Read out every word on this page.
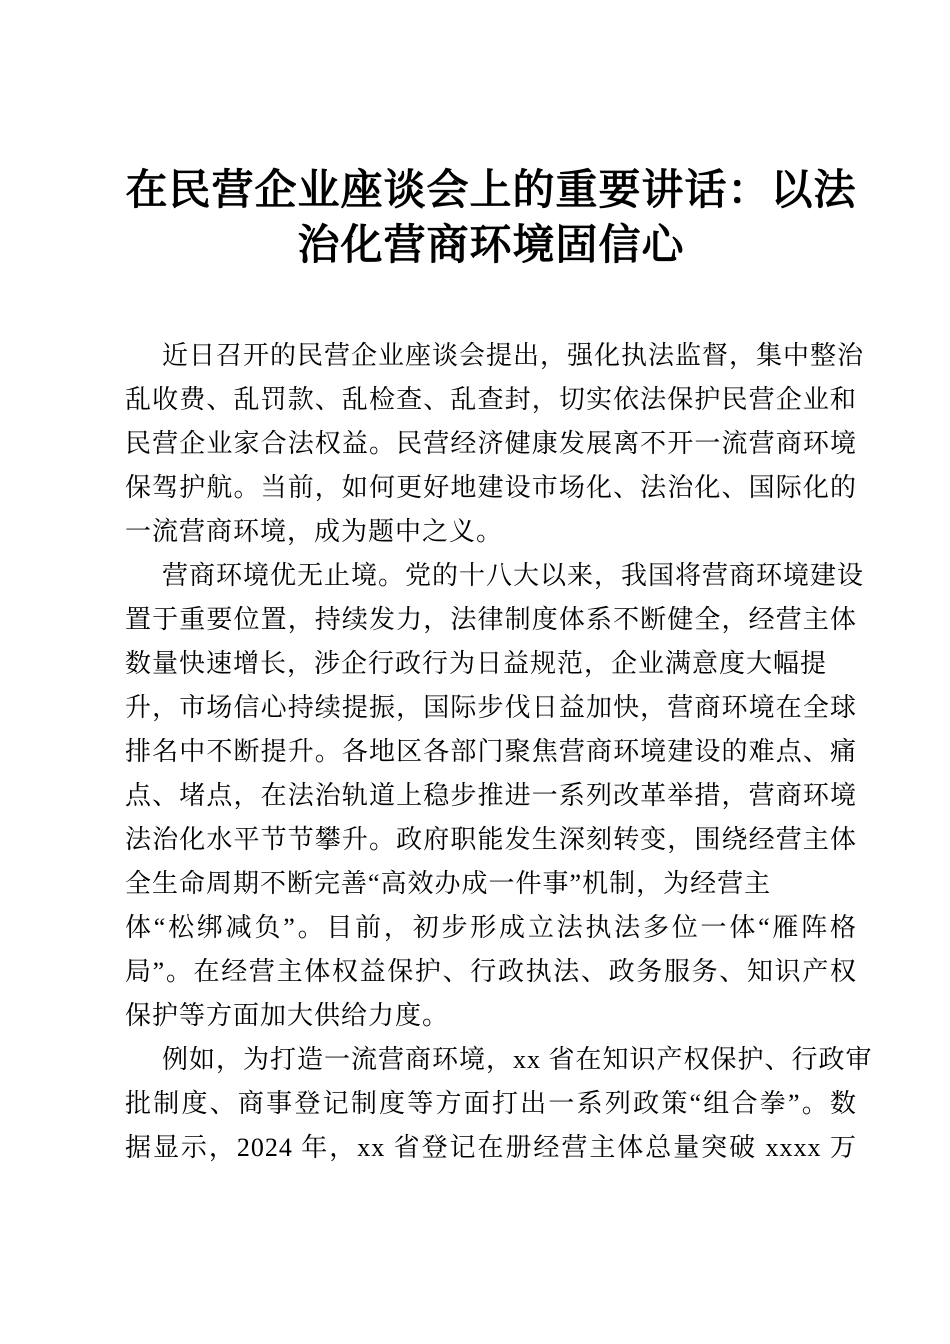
在民营企业座谈会上的重要讲话：以法
治化营商环境固信心
近日召开的民营企业座谈会提出，强化执法监督，集中整治
乱收费、乱罚款、乱检查、乱查封，切实依法保护民营企业和
民营企业家合法权益。民营经济健康发展离不开一流营商环境
保驾护航。当前，如何更好地建设市场化、法治化、国际化的
一流营商环境，成为题中之义。
营商环境优无止境。党的十八大以来，我国将营商环境建设
置于重要位置，持续发力，法律制度体系不断健全，经营主体
数量快速增长，涉企行政行为日益规范，企业满意度大幅提
升，市场信心持续提振，国际步伐日益加快，营商环境在全球
排名中不断提升。各地区各部门聚焦营商环境建设的难点、痛
点、堵点，在法治轨道上稳步推进一系列改革举措，营商环境
法治化水平节节攀升。政府职能发生深刻转变，围绕经营主体
全生命周期不断完善“高效办成一件事”机制，为经营主
体“松绑减负”。目前，初步形成立法执法多位一体“雁阵格
局”。在经营主体权益保护、行政执法、政务服务、知识产权
保护等方面加大供给力度。
例如，为打造一流营商环境，xx 省在知识产权保护、行政审
批制度、商事登记制度等方面打出一系列政策“组合拳”。数
据显示，2024 年，xx 省登记在册经营主体总量突破 xxxx 万
